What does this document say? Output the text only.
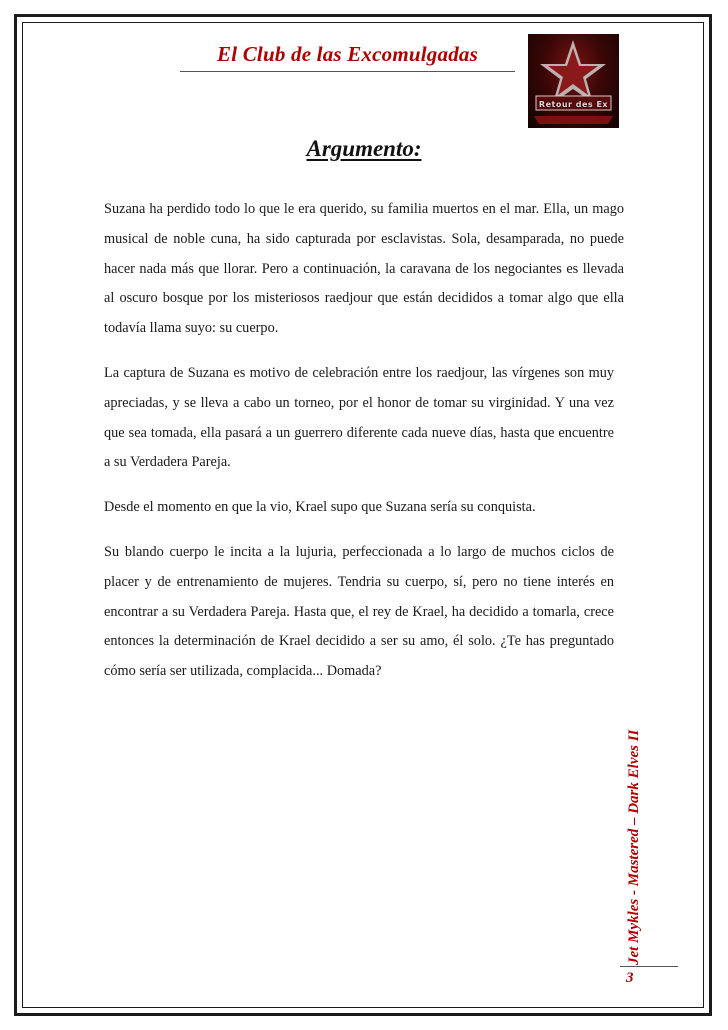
El Club de las Excomulgadas
Retour des Ex
Argumento:

Suzana ha perdido todo lo que le era querido, su familia muertos en el mar. Ella, un mago musical de noble cuna, ha sido capturada por esclavistas. Sola, desamparada, no puede hacer nada más que llorar. Pero a continuación, la caravana de los negociantes es llevada al oscuro bosque por los misteriosos raedjour que están decididos a tomar algo que ella todavía llama suyo: su cuerpo.

La captura de Suzana es motivo de celebración entre los raedjour, las vírgenes son muy apreciadas, y se lleva a cabo un torneo, por el honor de tomar su virginidad. Y una vez que sea tomada, ella pasará a un guerrero diferente cada nueve días, hasta que encuentre a su Verdadera Pareja.

Desde el momento en que la vio, Krael supo que Suzana sería su conquista.

Su blando cuerpo le incita a la lujuria, perfeccionada a lo largo de muchos ciclos de placer y de entrenamiento de mujeres. Tendria su cuerpo, sí, pero no tiene interés en encontrar a su Verdadera Pareja. Hasta que, el rey de Krael, ha decidido a tomarla, crece entonces la determinación de Krael decidido a ser su amo, él solo. ¿Te has preguntado cómo sería ser utilizada, complacida... Domada?

Jet Mykles - Mastered – Dark Elves II
3
